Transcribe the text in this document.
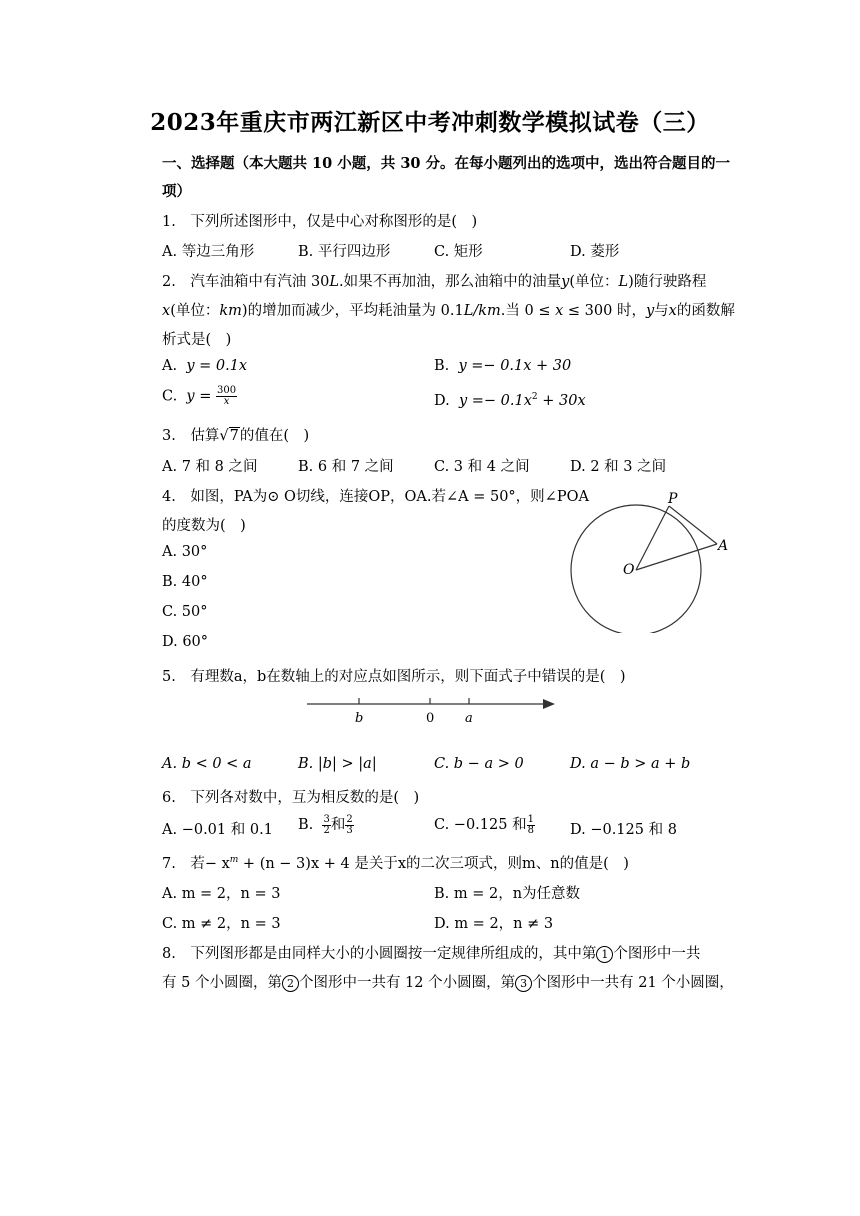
2023年重庆市两江新区中考冲刺数学模拟试卷（三）
一、选择题（本大题共 10 小题，共 30 分。在每小题列出的选项中，选出符合题目的一
项）
1.　下列所述图形中，仅是中心对称图形的是(　)
A. 等边三角形	B. 平行四边形	C. 矩形	D. 菱形
2.　汽车油箱中有汽油 30L.如果不再加油，那么油箱中的油量y(单位：L)随行驶路程
x(单位：km)的增加而减少，平均耗油量为 0.1L/km.当 0 ≤ x ≤ 300 时，y与x的函数解
析式是(　)
A. y = 0.1x	B. y =− 0.1x + 30
C. $y = \frac{300}{x}$	D. $y =- 0.1x^2 + 30x$
3.　估算√7的值在(　)
A. 7 和 8 之间	B. 6 和 7 之间	C. 3 和 4 之间	D. 2 和 3 之间
4.　如图，PA为⊙ O切线，连接OP，OA.若∠A = 50°，则∠POA
的度数为(　)
A. 30°
B. 40°
C. 50°
D. 60°
P
A
O
5.　有理数a，b在数轴上的对应点如图所示，则下面式子中错误的是(　)
b	0 a
A. b < 0 < a	B. |b| > |a|	C. b − a > 0	D. a − b > a + b
6.　下列各对数中，互为相反数的是(　)
A. −0.01 和 0.1 B. $\frac{3}{2}$ 和 $\frac{2}{3}$	C. −0.125 和 $\frac{1}{8} D$. −0.125 和 8
7.　若− $x^m + (n - 3)x + 4$ 是关于x的二次三项式，则m、n的值是(　)
A. m = 2，n = 3	B. m = 2，n为任意数
C. m ≠ 2，n = 3	D. m = 2，n ≠ 3
8.　下列图形都是由同样大小的小圆圈按一定规律所组成的，其中第 1 个图形中一共
有 5 个小圆圈，第 2 个图形中一共有 12 个小圆圈，第 3 个图形中一共有 21 个小圆圈，
